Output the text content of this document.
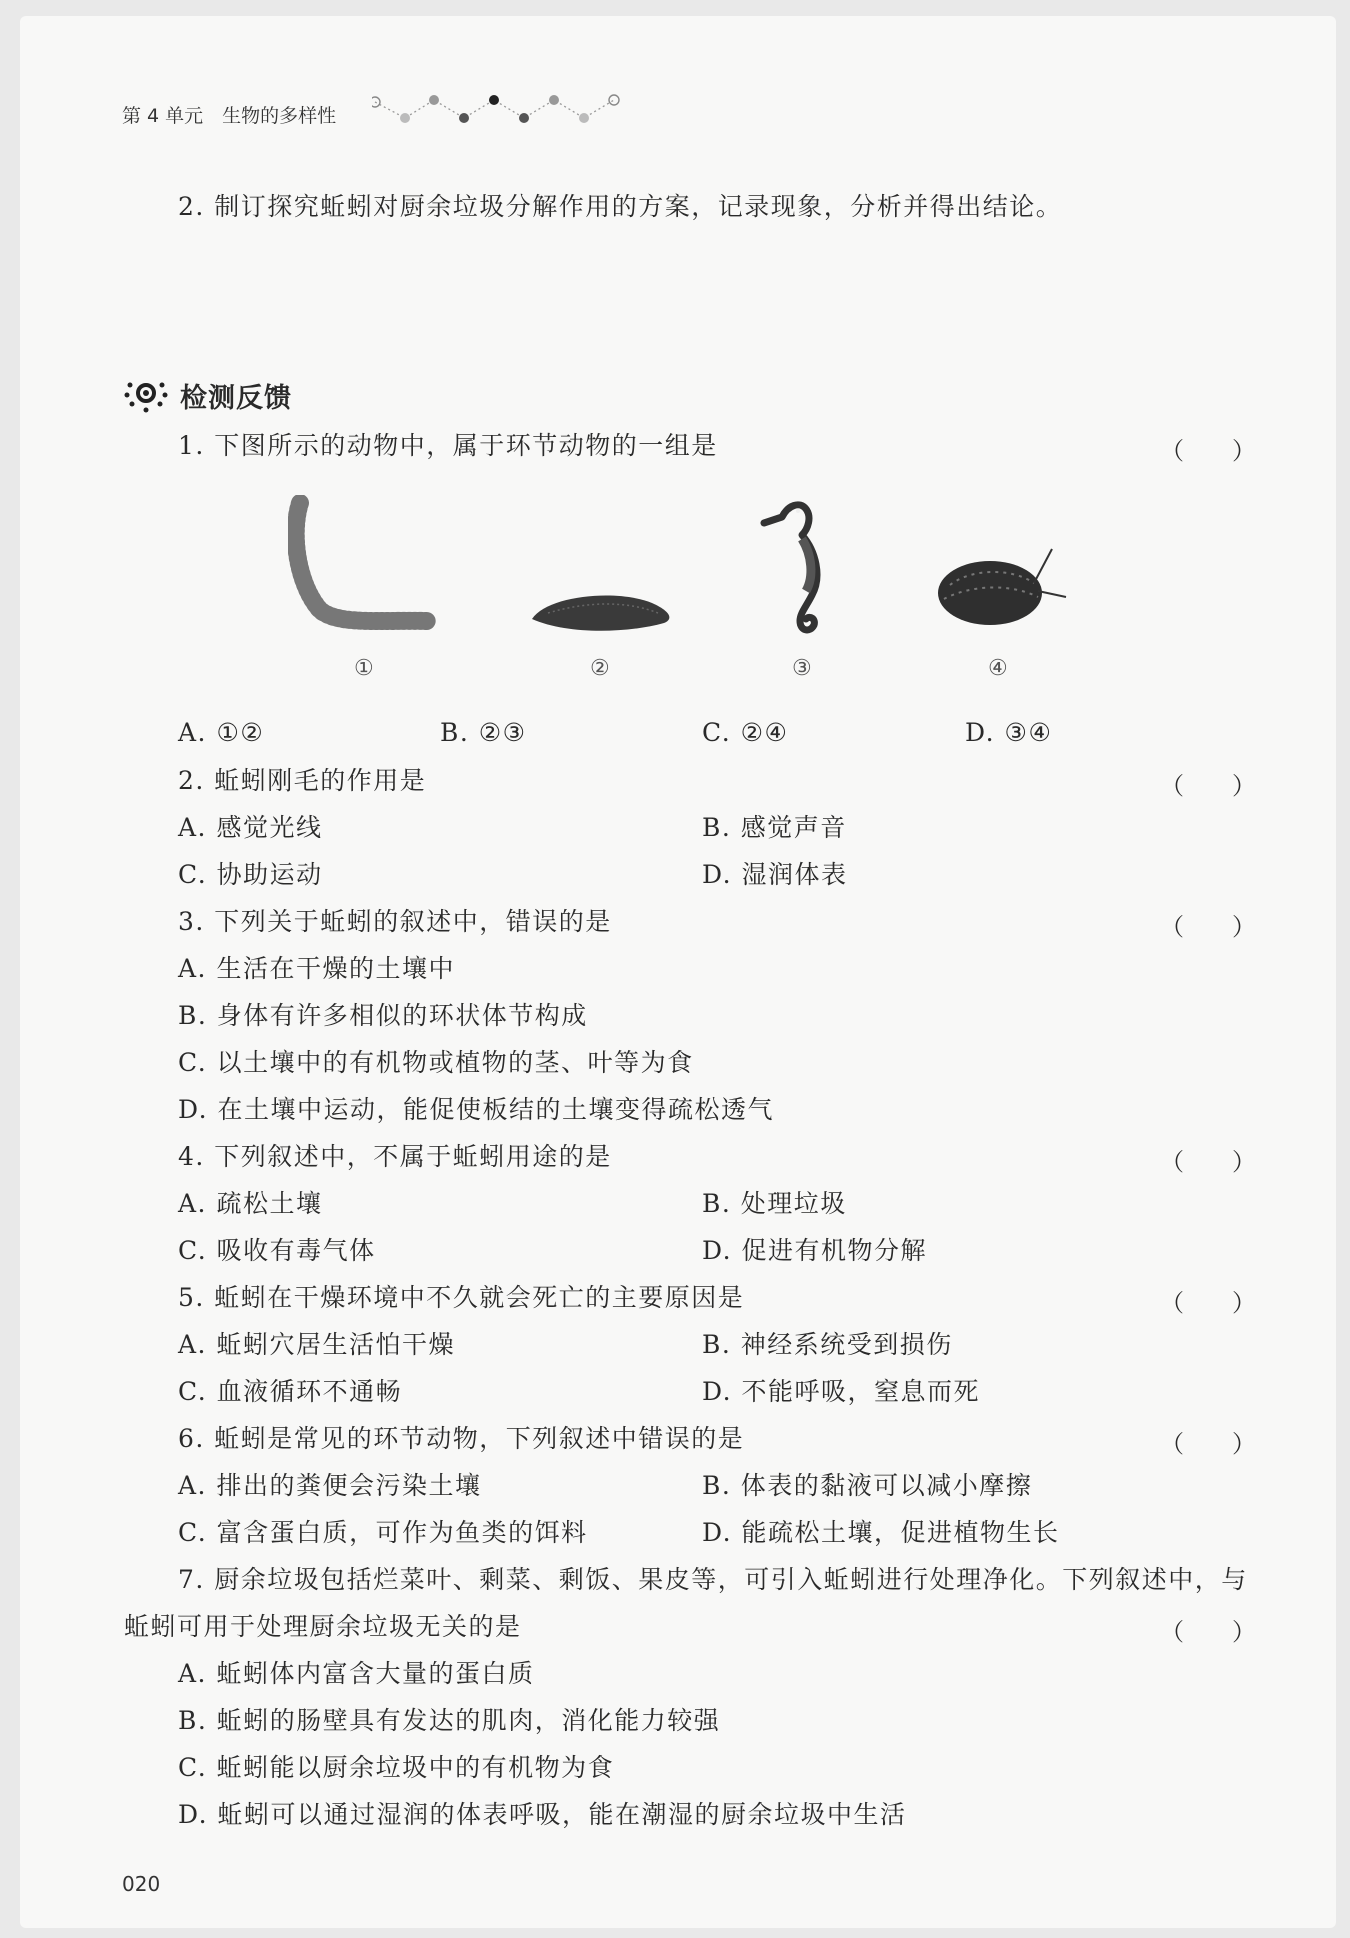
第 4 单元　生物的多样性
2. 制订探究蚯蚓对厨余垃圾分解作用的方案，记录现象，分析并得出结论。
检测反馈
1. 下图所示的动物中，属于环节动物的一组是	（　　）
①	②	③	④
A. ①②	B. ②③	C. ②④	D. ③④
2. 蚯蚓刚毛的作用是	（　　）
A. 感觉光线	B. 感觉声音
C. 协助运动	D. 湿润体表
3. 下列关于蚯蚓的叙述中，错误的是	（　　）
A. 生活在干燥的土壤中
B. 身体有许多相似的环状体节构成
C. 以土壤中的有机物或植物的茎、叶等为食
D. 在土壤中运动，能促使板结的土壤变得疏松透气
4. 下列叙述中，不属于蚯蚓用途的是	（　　）
A. 疏松土壤	B. 处理垃圾
C. 吸收有毒气体	D. 促进有机物分解
5. 蚯蚓在干燥环境中不久就会死亡的主要原因是	（　　）
A. 蚯蚓穴居生活怕干燥	B. 神经系统受到损伤
C. 血液循环不通畅	D. 不能呼吸，窒息而死
6. 蚯蚓是常见的环节动物，下列叙述中错误的是	（　　）
A. 排出的粪便会污染土壤	B. 体表的黏液可以减小摩擦
C. 富含蛋白质，可作为鱼类的饵料	D. 能疏松土壤，促进植物生长
7. 厨余垃圾包括烂菜叶、剩菜、剩饭、果皮等，可引入蚯蚓进行处理净化。下列叙述中，与
蚯蚓可用于处理厨余垃圾无关的是	（　　）
A. 蚯蚓体内富含大量的蛋白质
B. 蚯蚓的肠壁具有发达的肌肉，消化能力较强
C. 蚯蚓能以厨余垃圾中的有机物为食
D. 蚯蚓可以通过湿润的体表呼吸，能在潮湿的厨余垃圾中生活
020
